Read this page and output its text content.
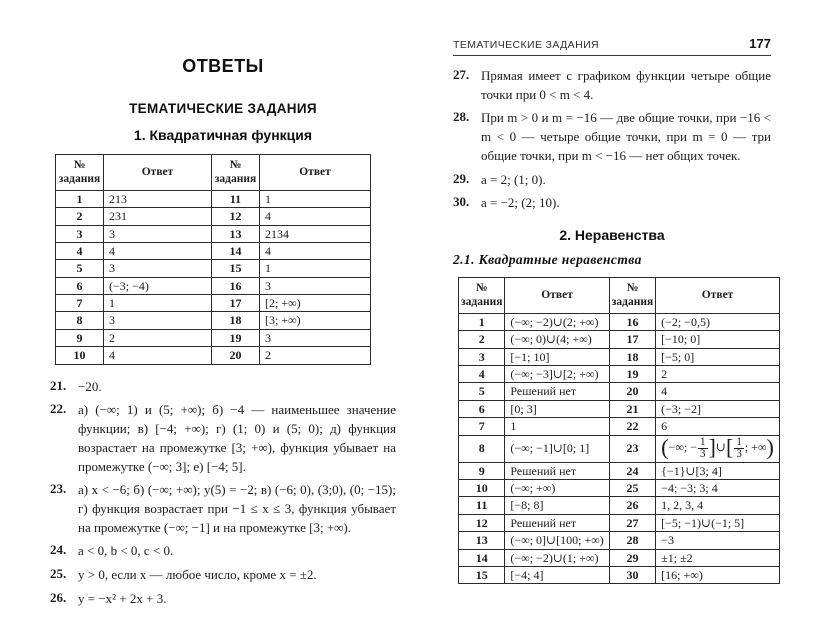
ОТВЕТЫ
ТЕМАТИЧЕСКИЕ ЗАДАНИЯ
1. Квадратичная функция
№ задания	Ответ	№ задания	Ответ
1	213	11	1
2	231	12	4
3	3	13	2134
4	4	14	4
5	3	15	1
6	(−3; −4)	16	3
7	1	17	[2; +∞)
8	3	18	[3; +∞)
9	2	19	3
10	4	20	2
21. −20.
22. а) (−∞; 1) и (5; +∞); б) −4 — наименьшее значение функции; в) [−4; +∞); г) (1; 0) и (5; 0); д) функция возрастает на промежутке [3; +∞), функция убывает на промежутке (−∞; 3]; е) [−4; 5].
23. а) x < −6; б) (−∞; +∞); y(5) = −2; в) (−6; 0), (3;0), (0; −15); г) функция возрастает при −1 ≤ x ≤ 3, функция убывает на промежутке (−∞; −1] и на промежутке [3; +∞).
24. a < 0, b < 0, c < 0.
25. y > 0, если x — любое число, кроме x = ±2.
26. y = −x² + 2x + 3.
ТЕМАТИЧЕСКИЕ ЗАДАНИЯ	177
27. Прямая имеет с графиком функции четыре общие точки при 0 < m < 4.
28. При m > 0 и m = −16 — две общие точки, при −16 < m < 0 — четыре общие точки, при m = 0 — три общие точки, при m < −16 — нет общих точек.
29. a = 2; (1; 0).
30. a = −2; (2; 10).
2. Неравенства
2.1. Квадратные неравенства
№ задания	Ответ	№ задания	Ответ
1	(−∞; −2)∪(2; +∞)	16	(−2; −0,5)
2	(−∞; 0)∪(4; +∞)	17	[−10; 0]
3	[−1; 10]	18	[−5; 0]
4	(−∞; −3]∪[2; +∞)	19	2
5	Решений нет	20	4
6	[0; 3]	21	(−3; −2]
7	1	22	6
8	(−∞; −1]∪[0; 1]	23	(−∞; − $\frac{1}{3}$ ]∪[ $\frac{1}{3}$ ; +∞)
9	Решений нет	24	{−1}∪[3; 4]
10	(−∞; +∞)	25	−4; −3; 3; 4
11	[−8; 8]	26	1, 2, 3, 4
12	Решений нет	27	[−5; −1)∪(−1; 5]
13	(−∞; 0]∪[100; +∞)	28	−3
14	(−∞; −2)∪(1; +∞)	29	±1; ±2
15	[−4; 4]	30	[16; +∞)
